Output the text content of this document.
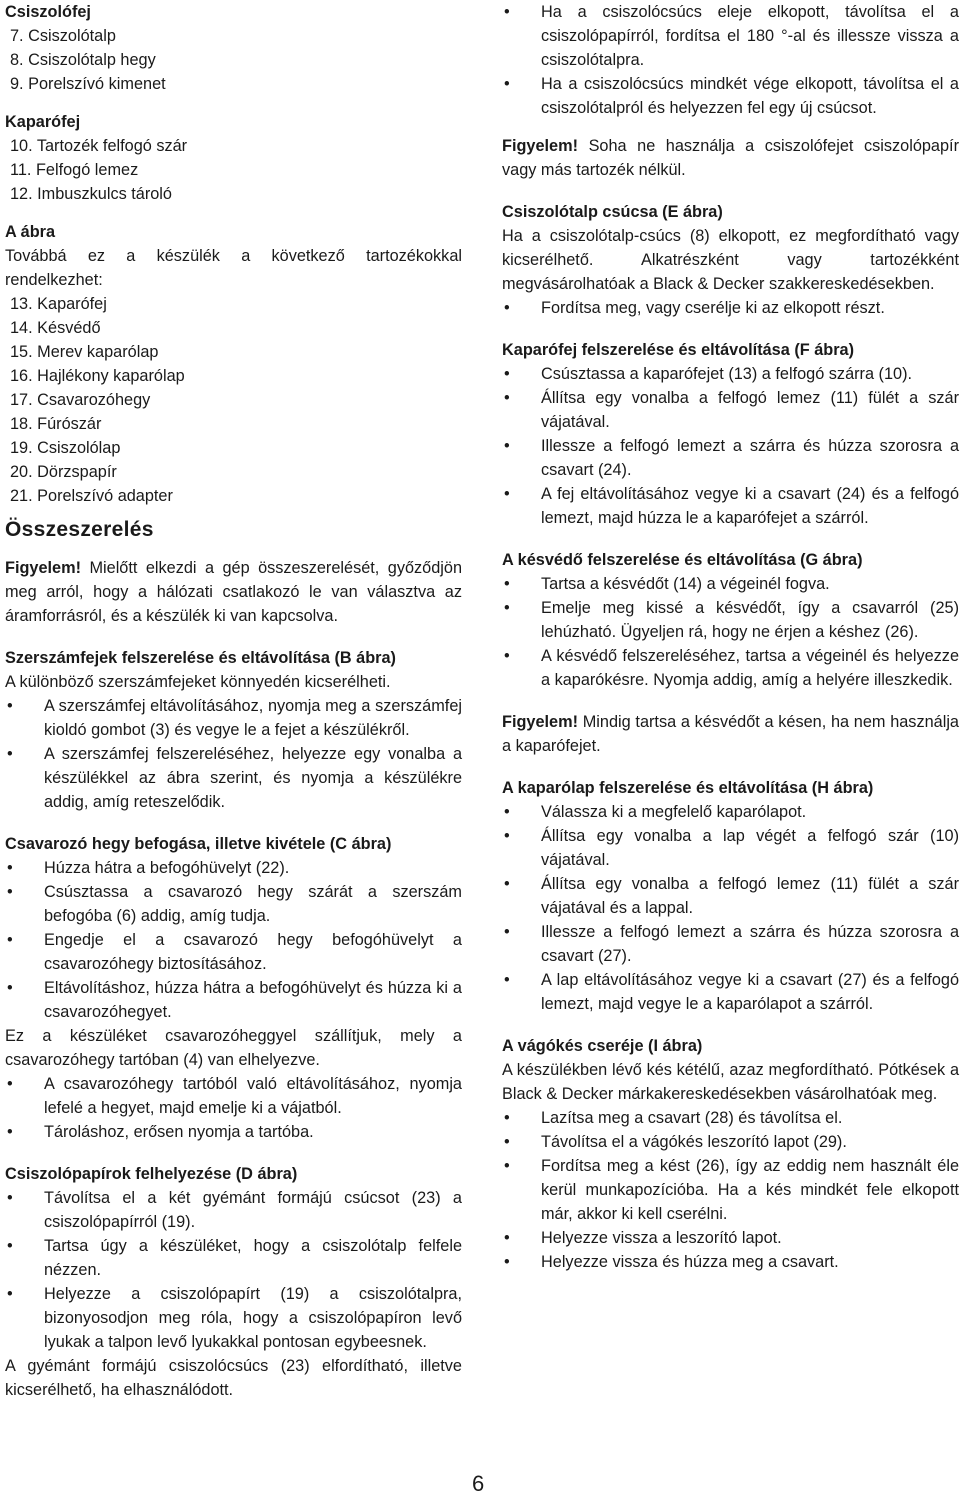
Csiszolófej

7. Csiszolótalp

8. Csiszolótalp hegy

9. Porelszívó kimenet

Kaparófej

10. Tartozék felfogó szár

11. Felfogó lemez

12. Imbuszkulcs tároló

A ábra

Továbbá ez a készülék a következő tartozékokkal rendelkezhet:

13. Kaparófej

14. Késvédő

15. Merev kaparólap

16. Hajlékony kaparólap

17. Csavarozóhegy

18. Fúrószár

19. Csiszolólap

20. Dörzspapír

21. Porelszívó adapter

Összeszerelés

Figyelem! Mielőtt elkezdi a gép összeszerelését, győződjön meg arról, hogy a hálózati csatlakozó le van választva az áramforrásról, és a készülék ki van kapcsolva.

Szerszámfejek felszerelése és eltávolítása (B ábra)

A különböző szerszámfejeket könnyedén kicserélheti.

• A szerszámfej eltávolításához, nyomja meg a szerszámfej kioldó gombot (3) és vegye le a fejet a készülékről.

• A szerszámfej felszereléséhez, helyezze egy vonalba a készülékkel az ábra szerint, és nyomja a készülékre addig, amíg reteszelődik.

Csavarozó hegy befogása, illetve kivétele (C ábra)

• Húzza hátra a befogóhüvelyt (22).

• Csúsztassa a csavarozó hegy szárát a szerszám befogóba (6) addig, amíg tudja.

• Engedje el a csavarozó hegy befogóhüvelyt a csavarozóhegy biztosításához.

• Eltávolításhoz, húzza hátra a befogóhüvelyt és húzza ki a csavarozóhegyet.

Ez a készüléket csavarozóheggyel szállítjuk, mely a csavarozóhegy tartóban (4) van elhelyezve.

• A csavarozóhegy tartóból való eltávolításához, nyomja lefelé a hegyet, majd emelje ki a vájatból.

• Tároláshoz, erősen nyomja a tartóba.

Csiszolópapírok felhelyezése (D ábra)

• Távolítsa el a két gyémánt formájú csúcsot (23) a csiszolópapírról (19).

• Tartsa úgy a készüléket, hogy a csiszolótalp felfele nézzen.

• Helyezze a csiszolópapírt (19) a csiszolótalpra, bizonyosodjon meg róla, hogy a csiszolópapíron levő lyukak a talpon levő lyukakkal pontosan egybeesnek.

A gyémánt formájú csiszolócsúcs (23) elfordítható, illetve kicserélhető, ha elhasználódott.

• Ha a csiszolócsúcs eleje elkopott, távolítsa el a csiszolópapírról, fordítsa el 180 °-al és illessze vissza a csiszolótalpra.

• Ha a csiszolócsúcs mindkét vége elkopott, távolítsa el a csiszolótalpról és helyezzen fel egy új csúcsot.

Figyelem! Soha ne használja a csiszolófejet csiszolópapír vagy más tartozék nélkül.

Csiszolótalp csúcsa (E ábra)

Ha a csiszolótalp-csúcs (8) elkopott, ez megfordítható vagy kicserélhető. Alkatrészként vagy tartozékként megvásárolhatóak a Black & Decker szakkereskedésekben.

• Fordítsa meg, vagy cserélje ki az elkopott részt.

Kaparófej felszerelése és eltávolítása (F ábra)

• Csúsztassa a kaparófejet (13) a felfogó szárra (10).

• Állítsa egy vonalba a felfogó lemez (11) fülét a szár vájatával.

• Illessze a felfogó lemezt a szárra és húzza szorosra a csavart (24).

• A fej eltávolításához vegye ki a csavart (24) és a felfogó lemezt, majd húzza le a kaparófejet a szárról.

A késvédő felszerelése és eltávolítása (G ábra)

• Tartsa a késvédőt (14) a végeinél fogva.

• Emelje meg kissé a késvédőt, így a csavarról (25) lehúzható. Ügyeljen rá, hogy ne érjen a késhez (26).

• A késvédő felszereléséhez, tartsa a végeinél és helyezze a kaparókésre. Nyomja addig, amíg a helyére illeszkedik.

Figyelem! Mindig tartsa a késvédőt a késen, ha nem használja a kaparófejet.

A kaparólap felszerelése és eltávolítása (H ábra)

• Válassza ki a megfelelő kaparólapot.

• Állítsa egy vonalba a lap végét a felfogó szár (10) vájatával.

• Állítsa egy vonalba a felfogó lemez (11) fülét a szár vájatával és a lappal.

• Illessze a felfogó lemezt a szárra és húzza szorosra a csavart (27).

• A lap eltávolításához vegye ki a csavart (27) és a felfogó lemezt, majd vegye le a kaparólapot a szárról.

A vágókés cseréje (I ábra)

A készülékben lévő kés kétélű, azaz megfordítható. Pótkések a Black & Decker márkakereskedésekben vásárolhatóak meg.

• Lazítsa meg a csavart (28) és távolítsa el.

• Távolítsa el a vágókés leszorító lapot (29).

• Fordítsa meg a kést (26), így az eddig nem használt éle kerül munkapozícióba. Ha a kés mindkét fele elkopott már, akkor ki kell cserélni.

• Helyezze vissza a leszorító lapot.

• Helyezze vissza és húzza meg a csavart.

6
